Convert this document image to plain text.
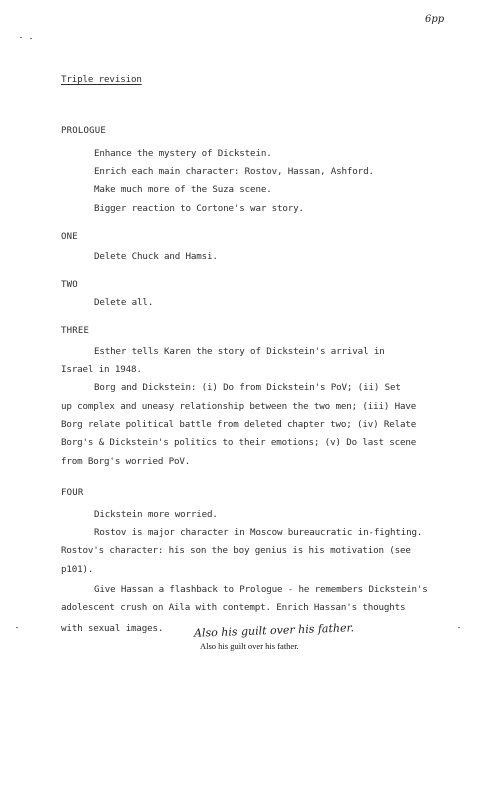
6pp
Triple revision
PROLOGUE
Enhance the mystery of Dickstein.
Enrich each main character: Rostov, Hassan, Ashford.
Make much more of the Suza scene.
Bigger reaction to Cortone's war story.
ONE
Delete Chuck and Hamsi.
TWO
Delete all.
THREE
Esther tells Karen the story of Dickstein's arrival in
Israel in 1948.
Borg and Dickstein: (i) Do from Dickstein's PoV; (ii) Set
up complex and uneasy relationship between the two men; (iii) Have
Borg relate political battle from deleted chapter two; (iv) Relate
Borg's & Dickstein's politics to their emotions; (v) Do last scene
from Borg's worried PoV.
FOUR
Dickstein more worried.
Rostov is major character in Moscow bureaucratic in-fighting.
Rostov's character: his son the boy genius is his motivation (see
p101).
Give Hassan a flashback to Prologue - he remembers Dickstein's
adolescent crush on Aila with contempt. Enrich Hassan's thoughts
with sexual images.	Also his guilt over his father.
Also his guilt over his father.
